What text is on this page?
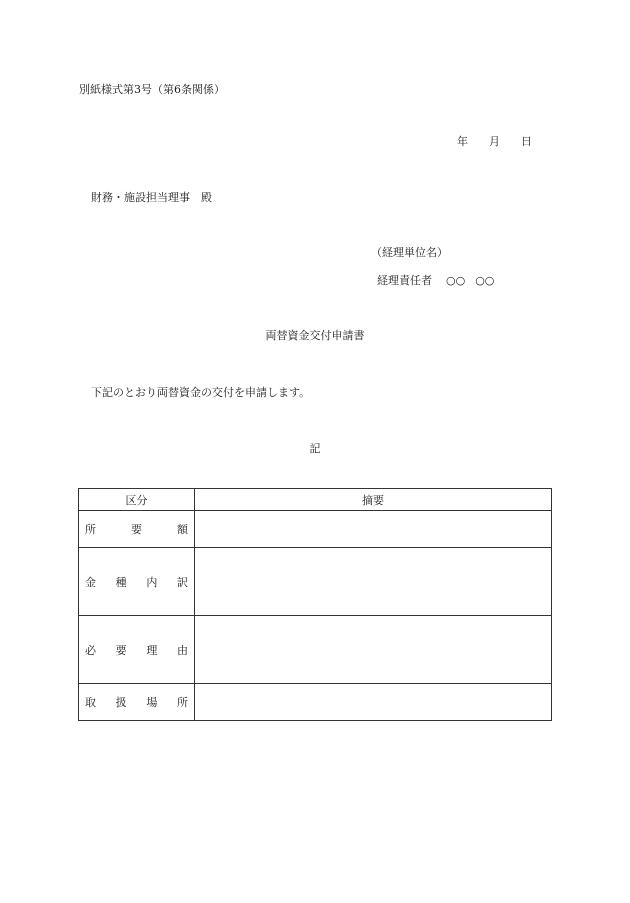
別紙様式第3号（第6条関係）
年 月 日
財務・施設担当理事　殿
（経理単位名）
経理責任者 ○○ ○○
両替資金交付申請書
下記のとおり両替資金の交付を申請します。
記
区分	摘要

所 要 額	

金 種 内 訳	

必 要 理 由	

取 扱 場 所	
